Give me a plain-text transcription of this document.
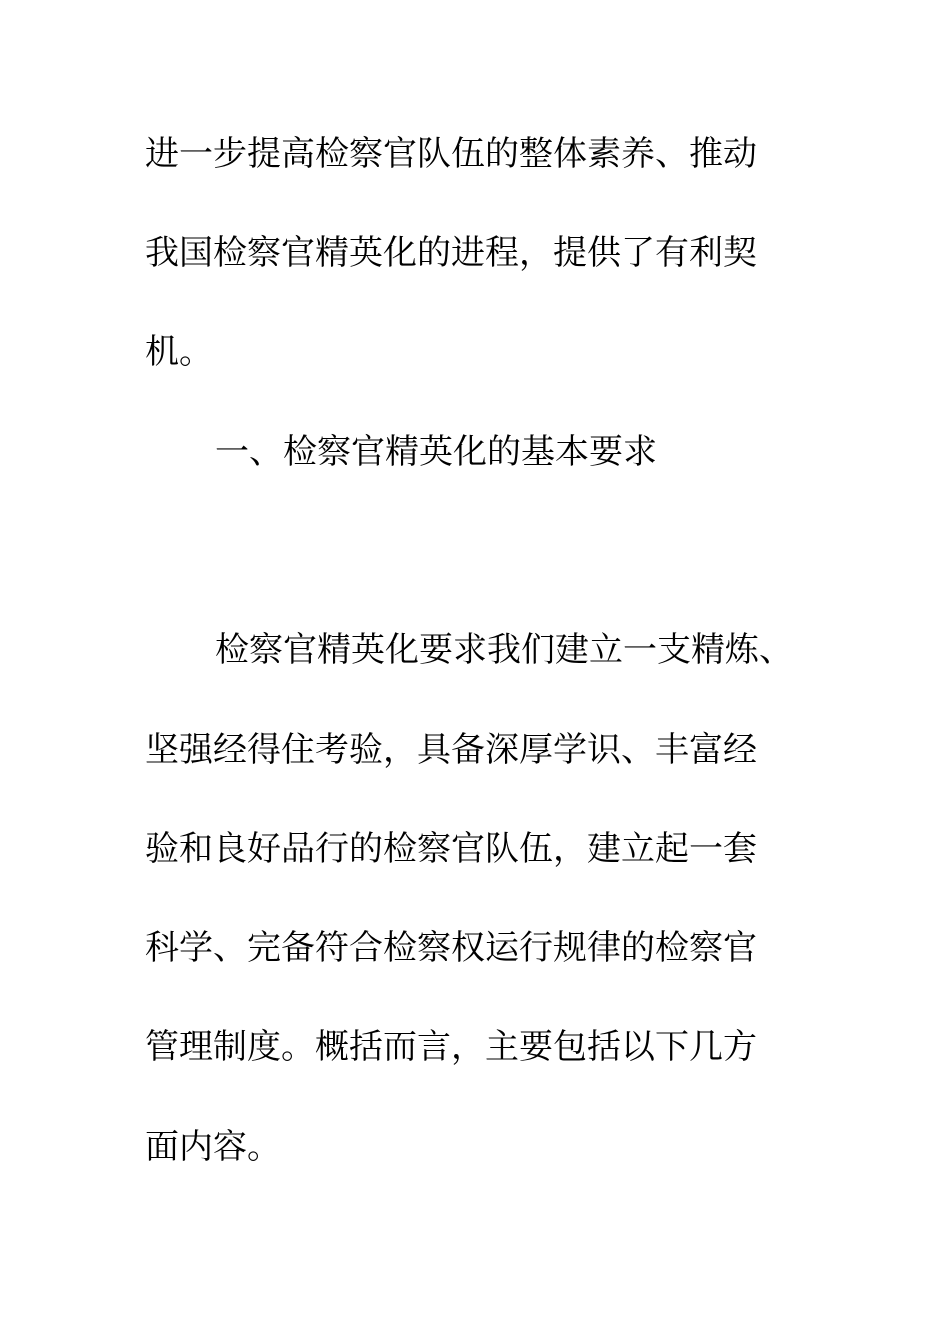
进一步提高检察官队伍的整体素养、推动
我国检察官精英化的进程，提供了有利契
机。
一、检察官精英化的基本要求
检察官精英化要求我们建立一支精炼、
坚强经得住考验，具备深厚学识、丰富经
验和良好品行的检察官队伍，建立起一套
科学、完备符合检察权运行规律的检察官
管理制度。概括而言，主要包括以下几方
面内容。
